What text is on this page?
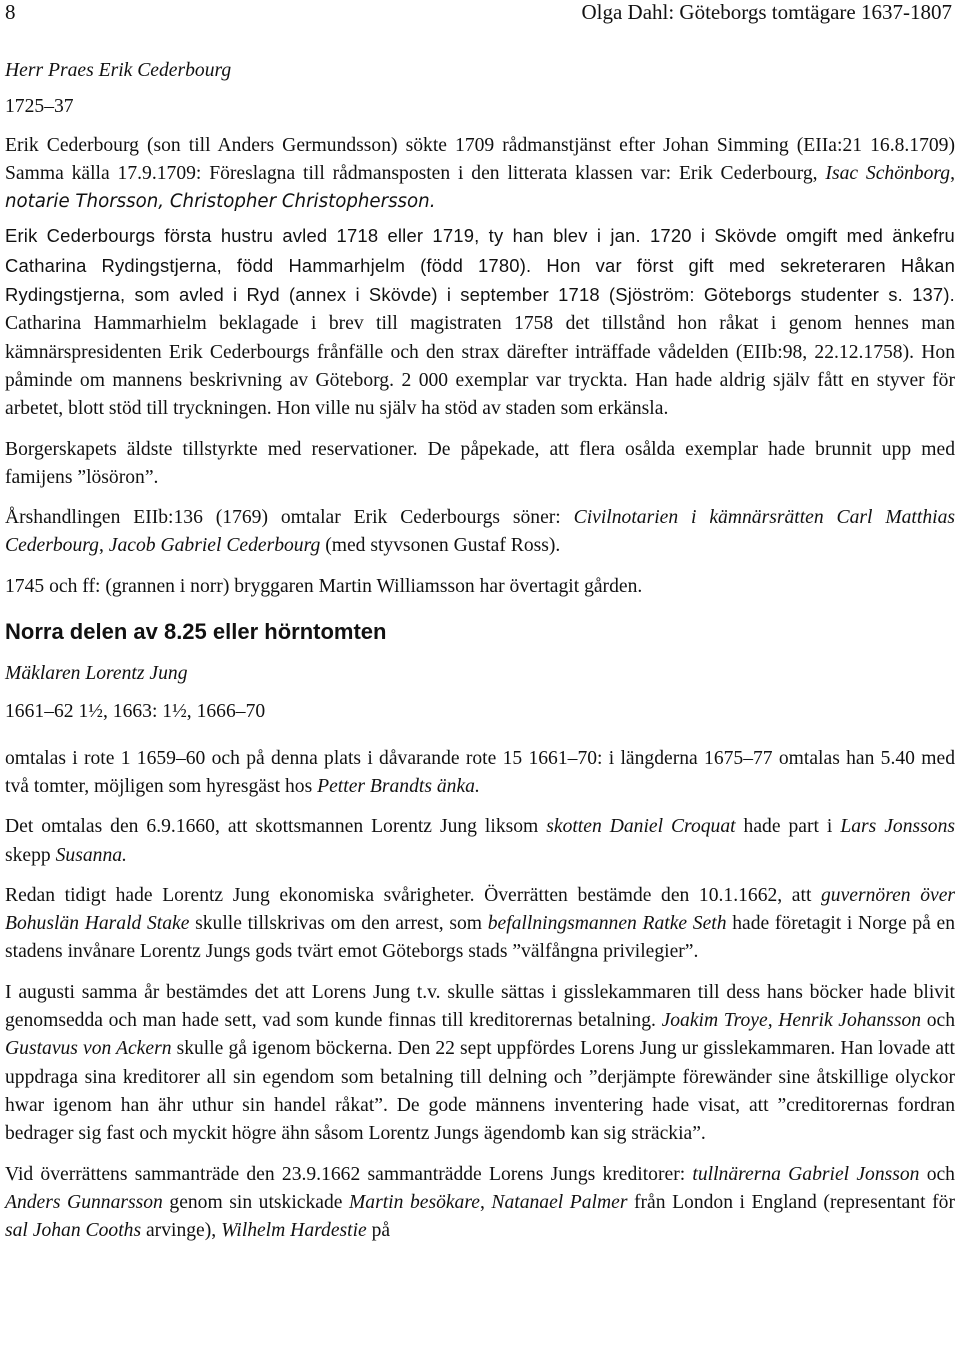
8	Olga Dahl: Göteborgs tomtägare 1637-1807

Herr Praes Erik Cederbourg

1725–37

Erik Cederbourg (son till Anders Germundsson) sökte 1709 rådmanstjänst efter Johan Simming (EIIa:21 16.8.1709) Samma källa 17.9.1709: Föreslagna till rådmansposten i den litterata klassen var: Erik Cederbourg, Isac Schönborg, notarie Thorsson, Christopher Christophersson.

Erik Cederbourgs första hustru avled 1718 eller 1719, ty han blev i jan. 1720 i Skövde omgift med änkefru Catharina Rydingstjerna, född Hammarhjelm (född 1780). Hon var först gift med sekreteraren Håkan Rydingstjerna, som avled i Ryd (annex i Skövde) i september 1718 (Sjöström: Göteborgs studenter s. 137). Catharina Hammarhielm beklagade i brev till magistraten 1758 det tillstånd hon råkat i genom hennes man kämnärspresidenten Erik Cederbourgs frånfälle och den strax därefter inträffade vådelden (EIIb:98, 22.12.1758). Hon påminde om mannens beskrivning av Göteborg. 2 000 exemplar var tryckta. Han hade aldrig själv fått en styver för arbetet, blott stöd till tryckningen. Hon ville nu själv ha stöd av staden som erkänsla.

Borgerskapets äldste tillstyrkte med reservationer. De påpekade, att flera osålda exemplar hade brunnit upp med famijens ”lösöron”.

Årshandlingen EIIb:136 (1769) omtalar Erik Cederbourgs söner: Civilnotarien i kämnärsrätten Carl Matthias Cederbourg, Jacob Gabriel Cederbourg (med styvsonen Gustaf Ross).

1745 och ff: (grannen i norr) bryggaren Martin Williamsson har övertagit gården.

Norra delen av 8.25 eller hörntomten

Mäklaren Lorentz Jung

1661–62 1½, 1663: 1½, 1666–70

omtalas i rote 1 1659–60 och på denna plats i dåvarande rote 15 1661–70: i längderna 1675–77 omtalas han 5.40 med två tomter, möjligen som hyresgäst hos Petter Brandts änka.

Det omtalas den 6.9.1660, att skottsmannen Lorentz Jung liksom skotten Daniel Croquat hade part i Lars Jonssons skepp Susanna.

Redan tidigt hade Lorentz Jung ekonomiska svårigheter. Överrätten bestämde den 10.1.1662, att guvernören över Bohuslän Harald Stake skulle tillskrivas om den arrest, som befallningsmannen Ratke Seth hade företagit i Norge på en stadens invånare Lorentz Jungs gods tvärt emot Göteborgs stads ”välfångna privilegier”.

I augusti samma år bestämdes det att Lorens Jung t.v. skulle sättas i gisslekammaren till dess hans böcker hade blivit genomsedda och man hade sett, vad som kunde finnas till kreditorernas betalning. Joakim Troye, Henrik Johansson och Gustavus von Ackern skulle gå igenom böckerna. Den 22 sept uppfördes Lorens Jung ur gisslekammaren. Han lovade att uppdraga sina kreditorer all sin egendom som betalning till delning och ”derjämpte förewänder sine åtskillige olyckor hwar igenom han ähr uthur sin handel råkat”. De gode männens inventering hade visat, att ”creditorernas fordran bedrager sig fast och myckit högre ähn såsom Lorentz Jungs ägendomb kan sig sträckia”.

Vid överrättens sammanträde den 23.9.1662 sammanträdde Lorens Jungs kreditorer: tullnärerna Gabriel Jonsson och Anders Gunnarsson genom sin utskickade Martin besökare, Natanael Palmer från London i England (representant för sal Johan Cooths arvinge), Wilhelm Hardestie på
